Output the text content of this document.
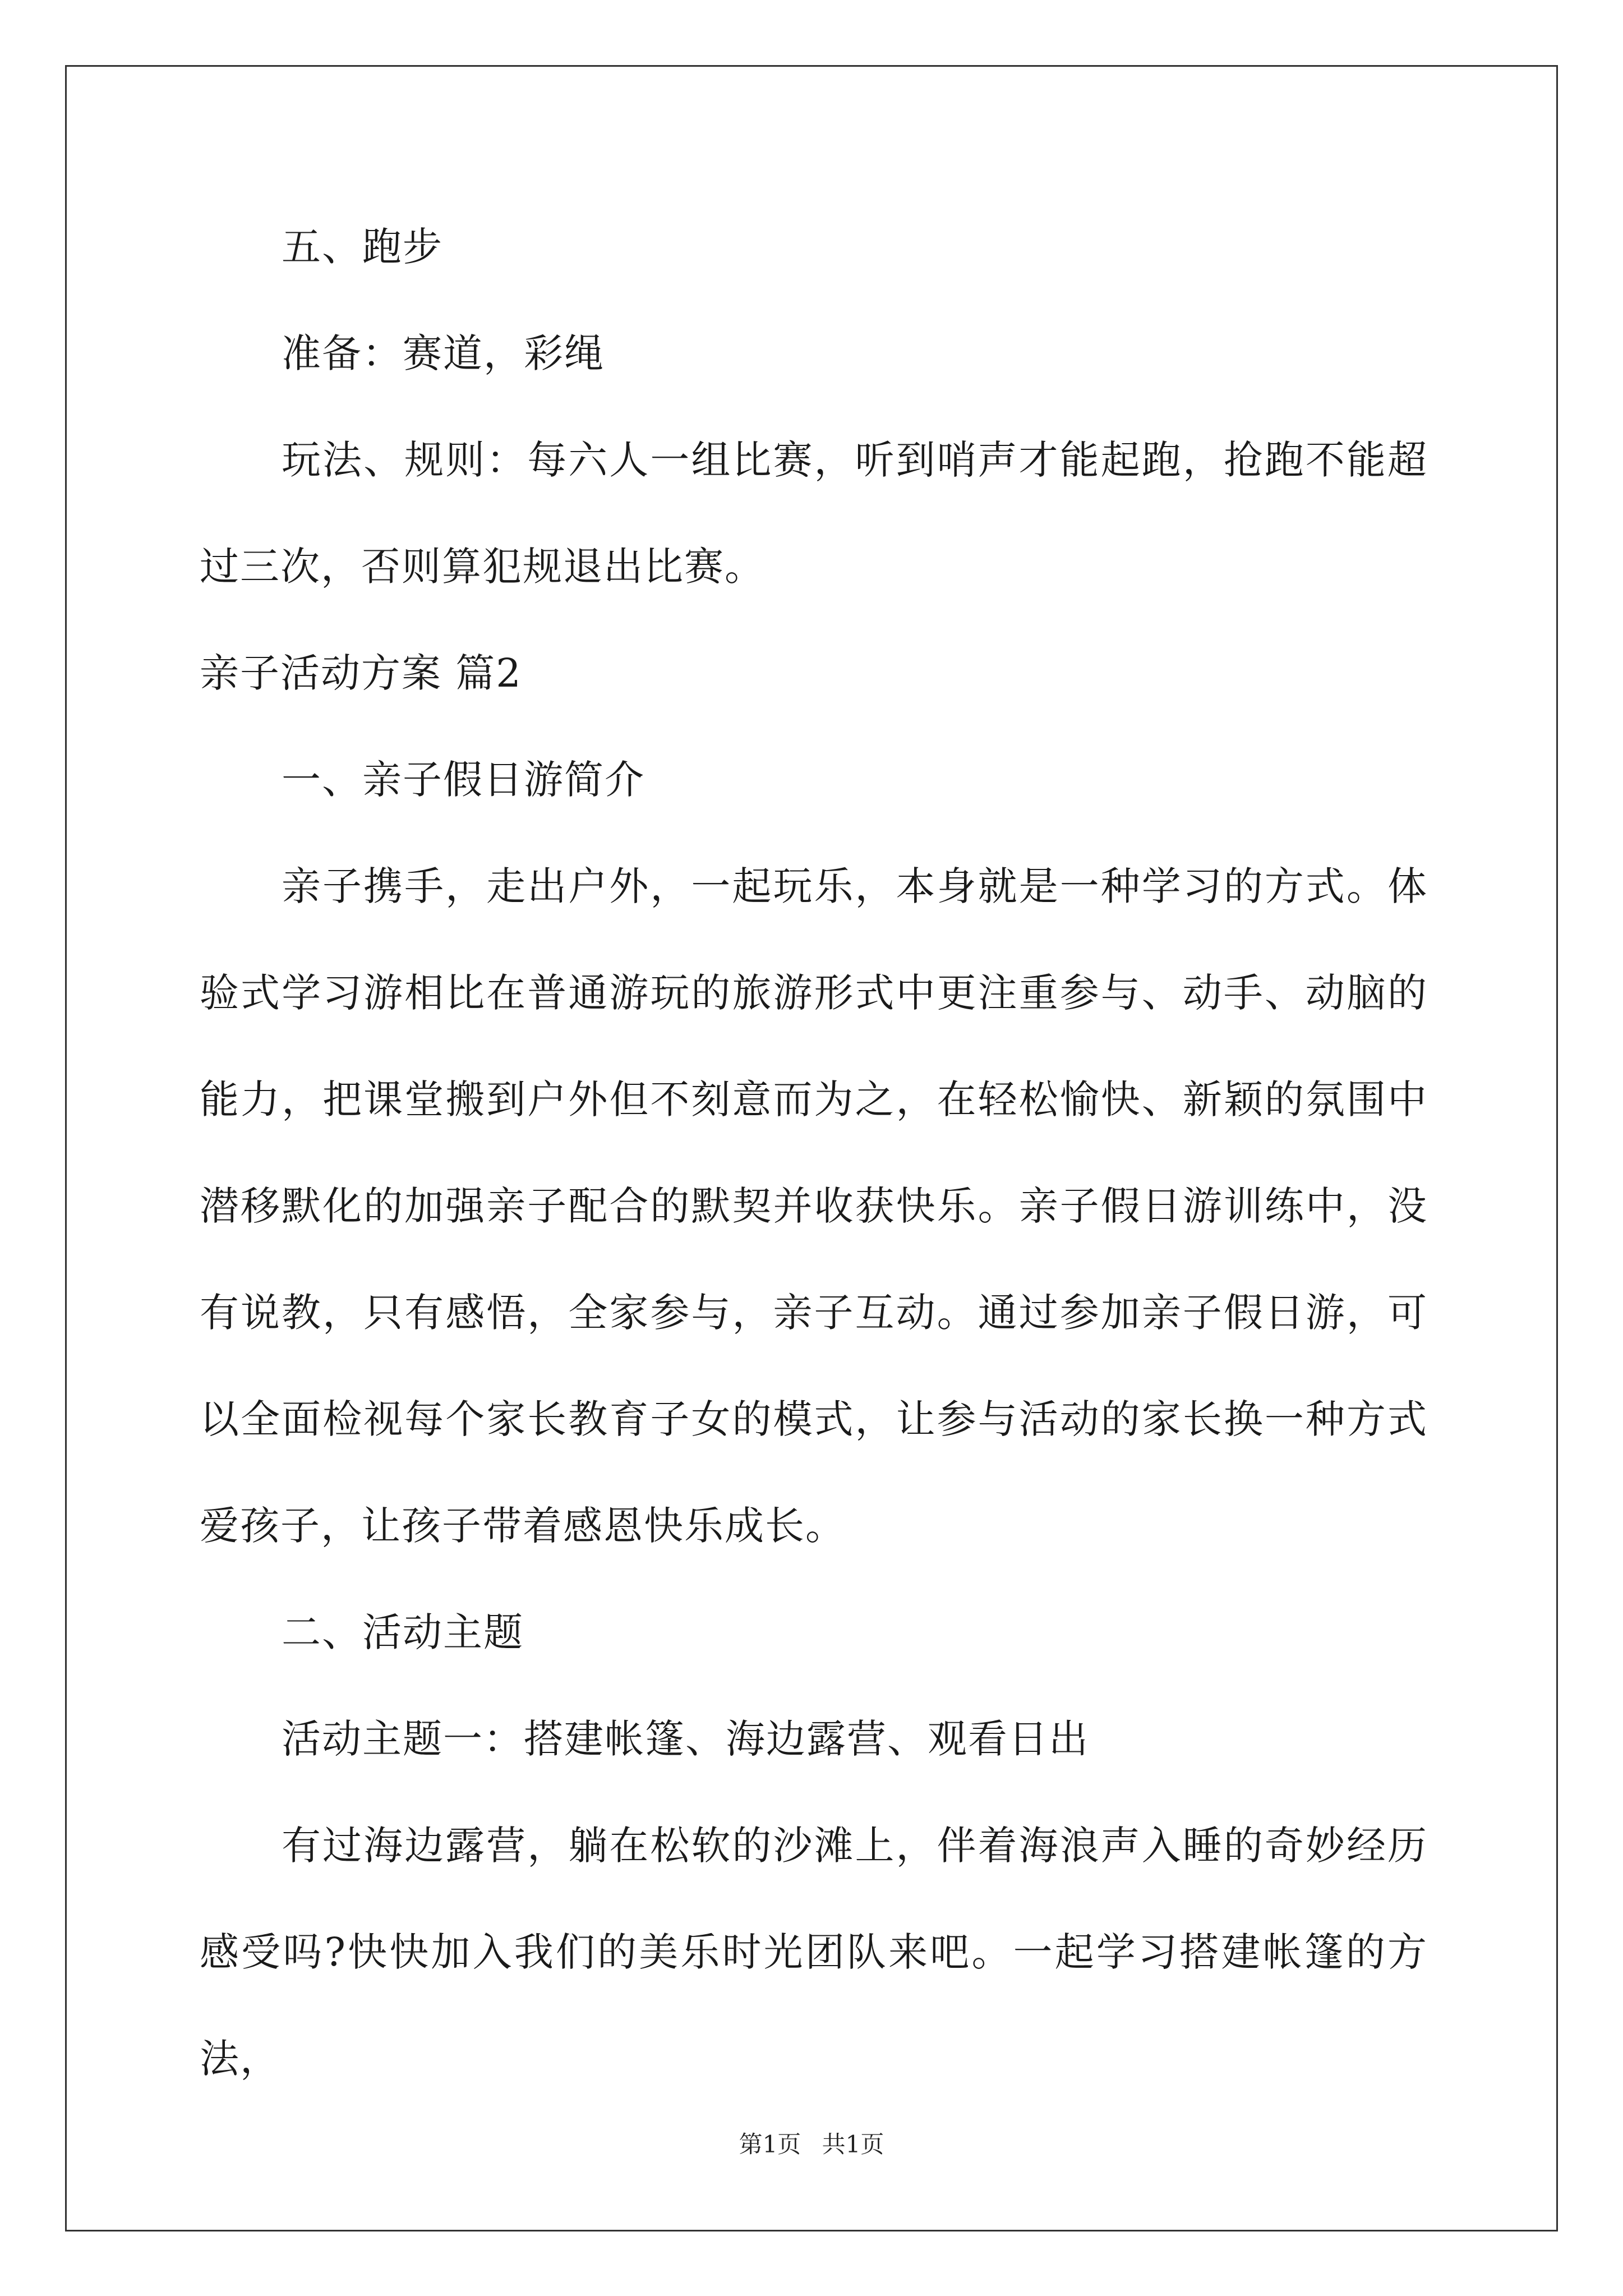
五、跑步

准备：赛道，彩绳

玩法、规则：每六人一组比赛，听到哨声才能起跑，抢跑不能超过三次，否则算犯规退出比赛。

亲子活动方案 篇2

一、亲子假日游简介

亲子携手，走出户外，一起玩乐，本身就是一种学习的方式。体验式学习游相比在普通游玩的旅游形式中更注重参与、动手、动脑的能力，把课堂搬到户外但不刻意而为之，在轻松愉快、新颖的氛围中潜移默化的加强亲子配合的默契并收获快乐。亲子假日游训练中，没有说教，只有感悟，全家参与，亲子互动。通过参加亲子假日游，可以全面检视每个家长教育子女的模式，让参与活动的家长换一种方式爱孩子，让孩子带着感恩快乐成长。

二、活动主题

活动主题一：搭建帐篷、海边露营、观看日出

有过海边露营，躺在松软的沙滩上，伴着海浪声入睡的奇妙经历感受吗?快快加入我们的美乐时光团队来吧。一起学习搭建帐篷的方法，

第1页 共1页
